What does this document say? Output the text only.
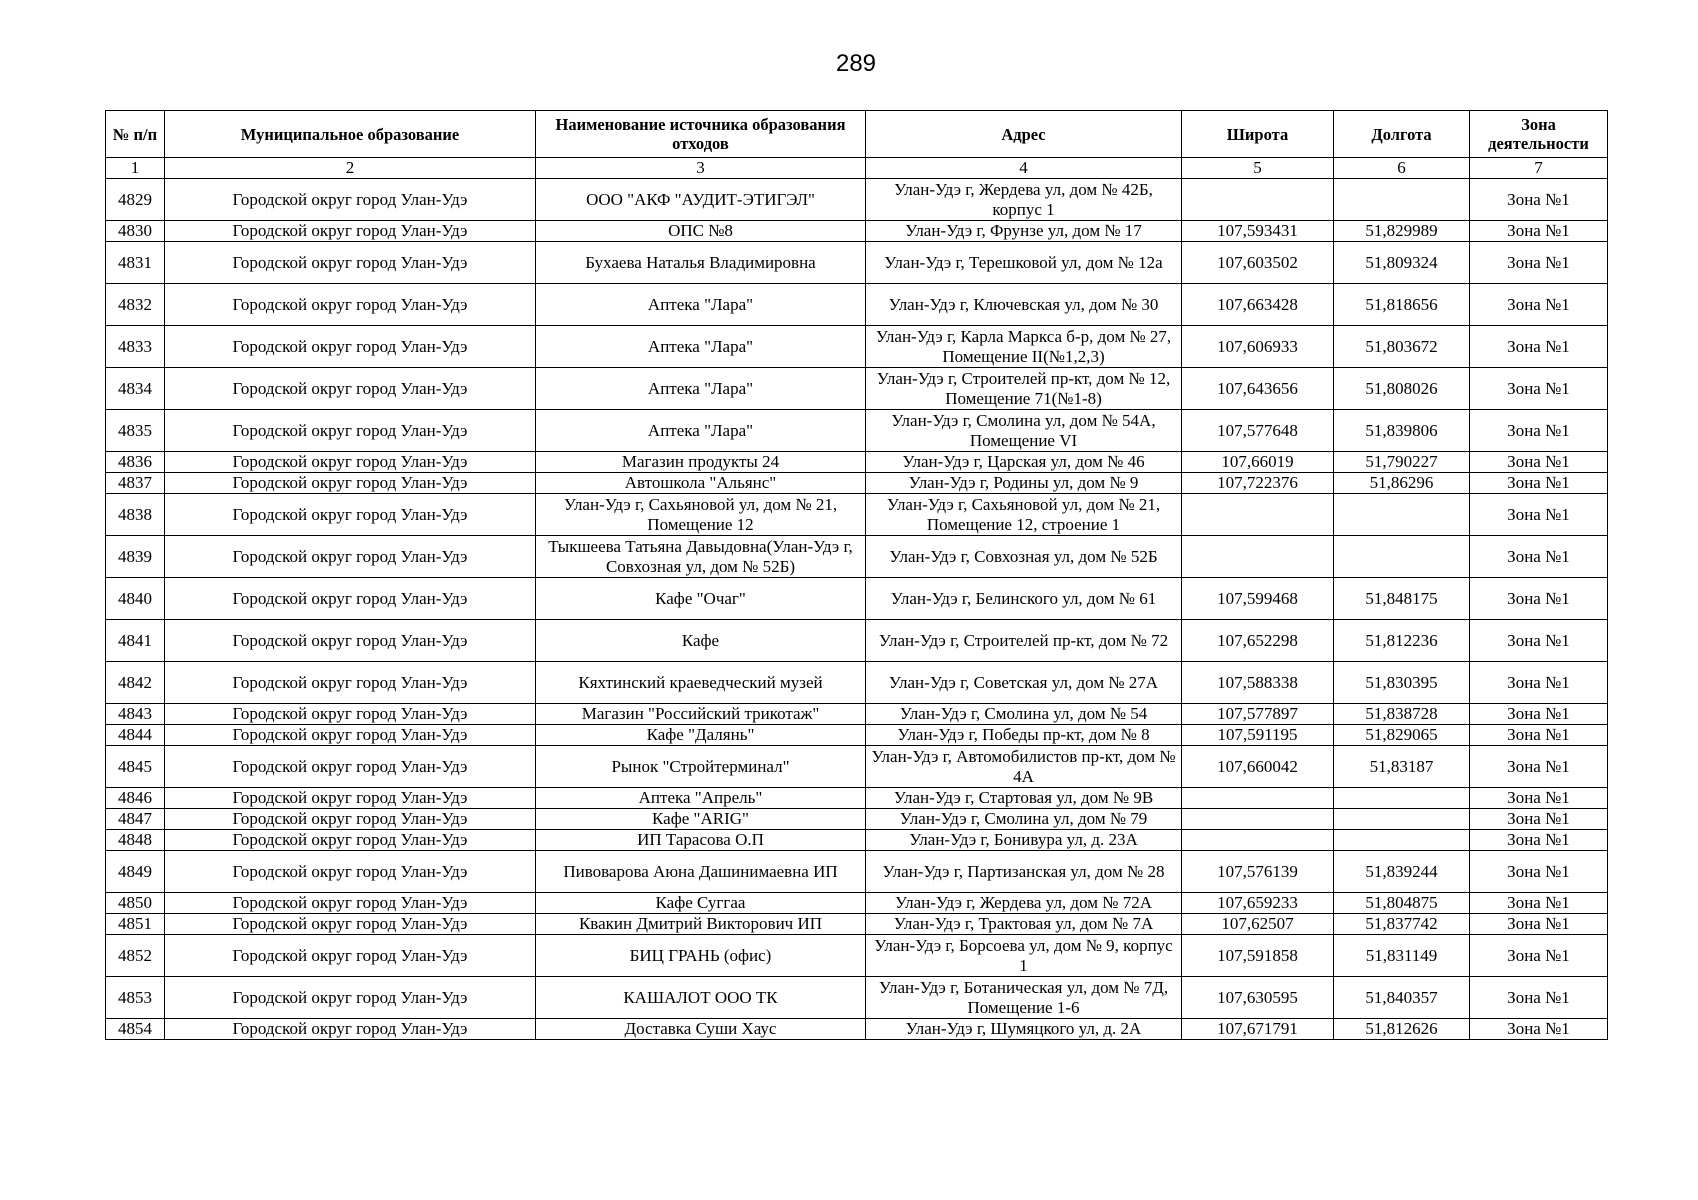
289
№ п/п	Муниципальное образование	Наименование источника образования отходов	Адрес	Широта	Долгота	Зона деятельности
1	2	3	4	5	6	7
4829	Городской округ город Улан-Удэ	ООО "АКФ "АУДИТ-ЭТИГЭЛ"	Улан-Удэ г, Жердева ул, дом № 42Б, корпус 1			Зона №1
4830	Городской округ город Улан-Удэ	ОПС №8	Улан-Удэ г, Фрунзе ул, дом № 17	107,593431	51,829989	Зона №1
4831	Городской округ город Улан-Удэ	Бухаева Наталья Владимировна	Улан-Удэ г, Терешковой ул, дом № 12а	107,603502	51,809324	Зона №1
4832	Городской округ город Улан-Удэ	Аптека "Лара"	Улан-Удэ г, Ключевская ул, дом № 30	107,663428	51,818656	Зона №1
4833	Городской округ город Улан-Удэ	Аптека "Лара"	Улан-Удэ г, Карла Маркса б-р, дом № 27, Помещение II(№1,2,3)	107,606933	51,803672	Зона №1
4834	Городской округ город Улан-Удэ	Аптека "Лара"	Улан-Удэ г, Строителей пр-кт, дом № 12, Помещение 71(№1-8)	107,643656	51,808026	Зона №1
4835	Городской округ город Улан-Удэ	Аптека "Лара"	Улан-Удэ г, Смолина ул, дом № 54А, Помещение VI	107,577648	51,839806	Зона №1
4836	Городской округ город Улан-Удэ	Магазин продукты 24	Улан-Удэ г, Царская ул, дом № 46	107,66019	51,790227	Зона №1
4837	Городской округ город Улан-Удэ	Автошкола "Альянс"	Улан-Удэ г, Родины ул, дом № 9	107,722376	51,86296	Зона №1
4838	Городской округ город Улан-Удэ	Улан-Удэ г, Сахьяновой ул, дом № 21, Помещение 12	Улан-Удэ г, Сахьяновой ул, дом № 21, Помещение 12, строение 1			Зона №1
4839	Городской округ город Улан-Удэ	Тыкшеева Татьяна Давыдовна(Улан-Удэ г, Совхозная ул, дом № 52Б)	Улан-Удэ г, Совхозная ул, дом № 52Б			Зона №1
4840	Городской округ город Улан-Удэ	Кафе "Очаг"	Улан-Удэ г, Белинского ул, дом № 61	107,599468	51,848175	Зона №1
4841	Городской округ город Улан-Удэ	Кафе	Улан-Удэ г, Строителей пр-кт, дом № 72	107,652298	51,812236	Зона №1
4842	Городской округ город Улан-Удэ	Кяхтинский краеведческий музей	Улан-Удэ г, Советская ул, дом № 27А	107,588338	51,830395	Зона №1
4843	Городской округ город Улан-Удэ	Магазин "Российский трикотаж"	Улан-Удэ г, Смолина ул, дом № 54	107,577897	51,838728	Зона №1
4844	Городской округ город Улан-Удэ	Кафе "Далянь"	Улан-Удэ г, Победы пр-кт, дом № 8	107,591195	51,829065	Зона №1
4845	Городской округ город Улан-Удэ	Рынок "Стройтерминал"	Улан-Удэ г, Автомобилистов пр-кт, дом № 4А	107,660042	51,83187	Зона №1
4846	Городской округ город Улан-Удэ	Аптека "Апрель"	Улан-Удэ г, Стартовая ул, дом № 9В			Зона №1
4847	Городской округ город Улан-Удэ	Кафе "ARIG"	Улан-Удэ г, Смолина ул, дом № 79			Зона №1
4848	Городской округ город Улан-Удэ	ИП Тарасова О.П	Улан-Удэ г, Бонивура ул, д. 23А			Зона №1
4849	Городской округ город Улан-Удэ	Пивоварова Аюна Дашинимаевна ИП	Улан-Удэ г, Партизанская ул, дом № 28	107,576139	51,839244	Зона №1
4850	Городской округ город Улан-Удэ	Кафе Суггаа	Улан-Удэ г, Жердева ул, дом № 72А	107,659233	51,804875	Зона №1
4851	Городской округ город Улан-Удэ	Квакин Дмитрий Викторович ИП	Улан-Удэ г, Трактовая ул, дом № 7А	107,62507	51,837742	Зона №1
4852	Городской округ город Улан-Удэ	БИЦ ГРАНЬ (офис)	Улан-Удэ г, Борсоева ул, дом № 9, корпус 1	107,591858	51,831149	Зона №1
4853	Городской округ город Улан-Удэ	КАШАЛОТ ООО ТК	Улан-Удэ г, Ботаническая ул, дом № 7Д, Помещение 1-6	107,630595	51,840357	Зона №1
4854	Городской округ город Улан-Удэ	Доставка Суши Хаус	Улан-Удэ г, Шумяцкого ул, д. 2А	107,671791	51,812626	Зона №1
